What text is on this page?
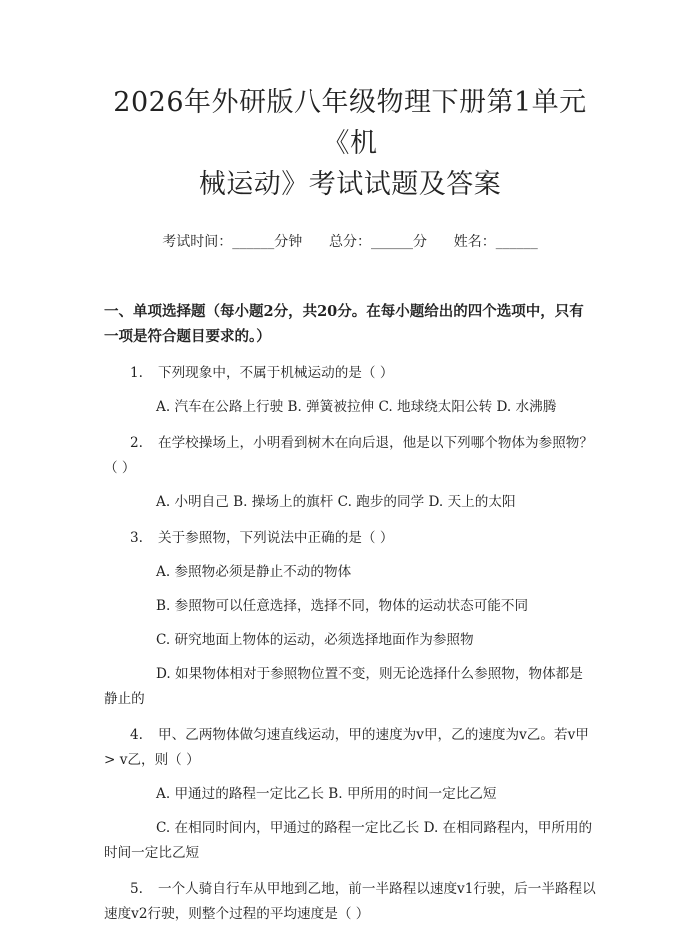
2026年外研版八年级物理下册第1单元《机
械运动》考试试题及答案
考试时间：______分钟      总分：______分      姓名：______
一、单项选择题（每小题2分，共20分。在每小题给出的四个选项中，只有一项是符合题目要求的。）

1. 下列现象中，不属于机械运动的是（ ）

A. 汽车在公路上行驶 B. 弹簧被拉伸 C. 地球绕太阳公转 D. 水沸腾

2. 在学校操场上，小明看到树木在向后退，他是以下列哪个物体为参照物？（ ）

A. 小明自己 B. 操场上的旗杆 C. 跑步的同学 D. 天上的太阳

3. 关于参照物，下列说法中正确的是（ ）

A. 参照物必须是静止不动的物体

B. 参照物可以任意选择，选择不同，物体的运动状态可能不同

C. 研究地面上物体的运动，必须选择地面作为参照物

D. 如果物体相对于参照物位置不变，则无论选择什么参照物，物体都是静止的

4. 甲、乙两物体做匀速直线运动，甲的速度为v甲，乙的速度为v乙。若v甲 > v乙，则（ ）

A. 甲通过的路程一定比乙长 B. 甲所用的时间一定比乙短

C. 在相同时间内，甲通过的路程一定比乙长 D. 在相同路程内，甲所用的时间一定比乙短

5. 一个人骑自行车从甲地到乙地，前一半路程以速度v1行驶，后一半路程以速度v2行驶，则整个过程的平均速度是（ ）
